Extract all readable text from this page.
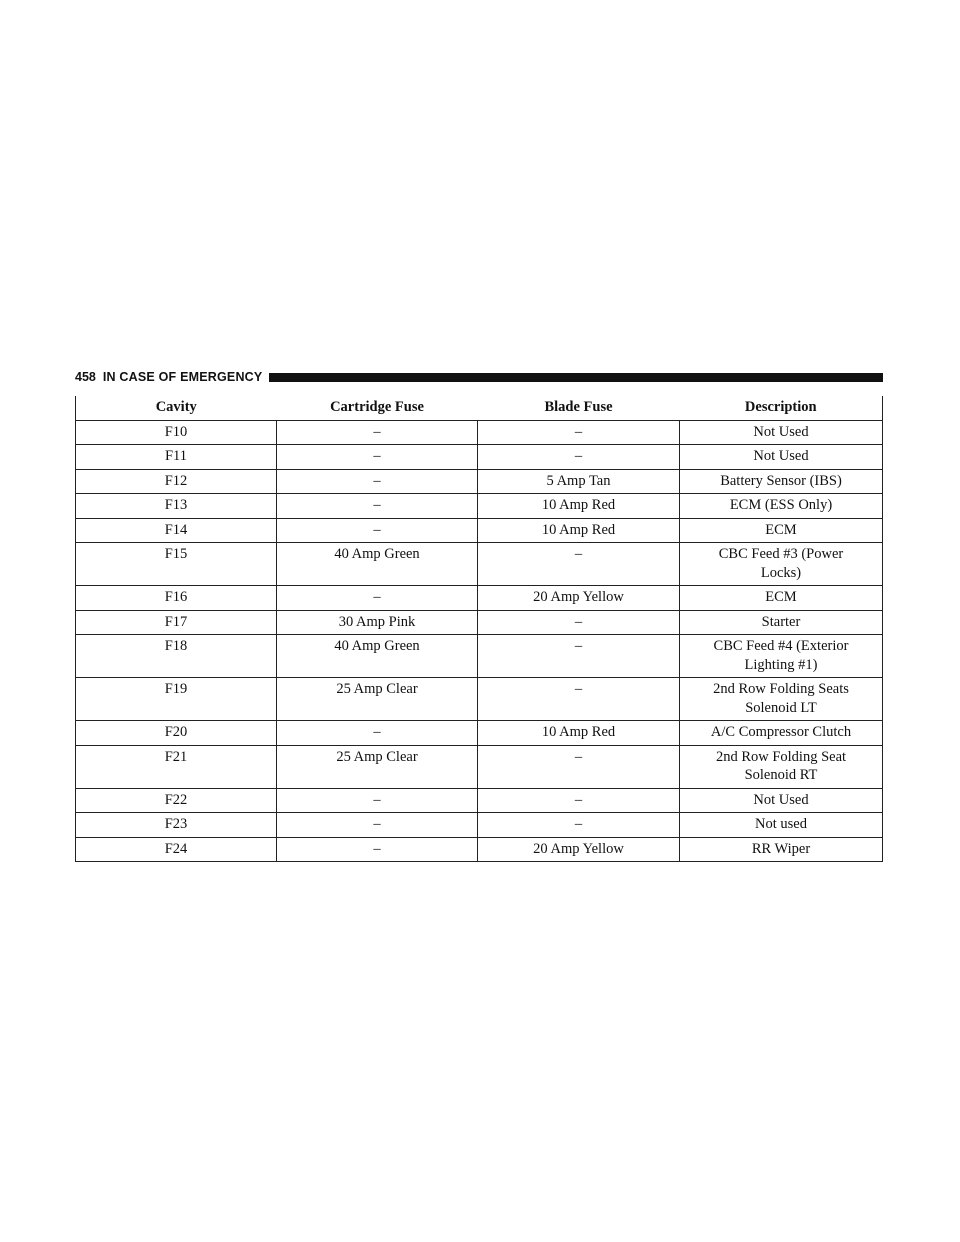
458 IN CASE OF EMERGENCY
Cavity	Cartridge Fuse	Blade Fuse	Description
F10	–	–	Not Used

F11	–	–	Not Used

F12	–	5 Amp Tan	Battery Sensor (IBS)

F13	–	10 Amp Red	ECM (ESS Only)

F14	–	10 Amp Red	ECM

F15	40 Amp Green	–	CBC Feed #3 (Power
Locks)

F16	–	20 Amp Yellow	ECM

F17	30 Amp Pink	–	Starter

F18	40 Amp Green	–	CBC Feed #4 (Exterior
Lighting #1)

F19	25 Amp Clear	–	2nd Row Folding Seats
Solenoid LT

F20	–	10 Amp Red	A/C Compressor Clutch

F21	25 Amp Clear	–	2nd Row Folding Seat
Solenoid RT

F22	–	–	Not Used

F23	–	–	Not used

F24	–	20 Amp Yellow	RR Wiper
